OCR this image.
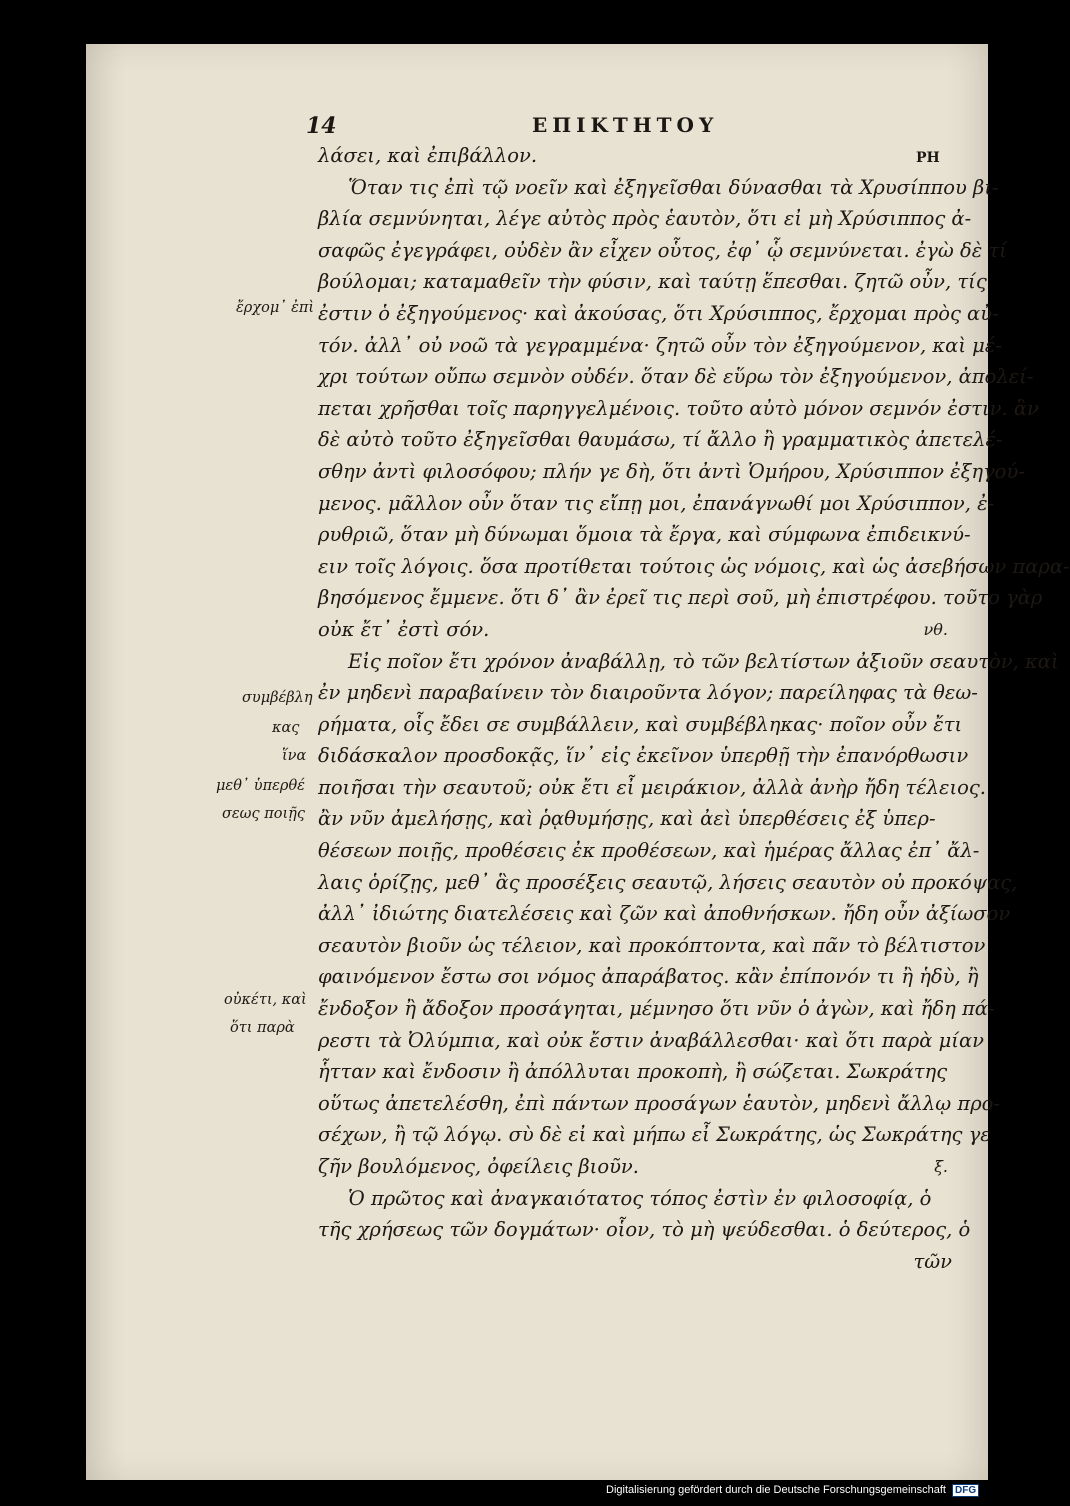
14	ΕΠΙΚΤΗΤΟΥ
ΡΗ
λάσει, καὶ ἐπιβάλλον.
Ὅταν τις ἐπὶ τῷ νοεῖν καὶ ἐξηγεῖσθαι δύνασθαι τὰ Χρυσίππου βι-
βλία σεμνύνηται, λέγε αὐτὸς πρὸς ἑαυτὸν, ὅτι εἰ μὴ Χρύσιππος ἀ-
σαφῶς ἐγεγράφει, οὐδὲν ἂν εἶχεν οὗτος, ἐφ᾽ ᾧ σεμνύνεται. ἐγὼ δὲ τί
βούλομαι; καταμαθεῖν τὴν φύσιν, καὶ ταύτῃ ἕπεσθαι. ζητῶ οὖν, τίς
ἐστιν ὁ ἐξηγούμενος· καὶ ἀκούσας, ὅτι Χρύσιππος, ἔρχομαι πρὸς αὐ-
τόν. ἀλλ᾽ οὐ νοῶ τὰ γεγραμμένα· ζητῶ οὖν τὸν ἐξηγούμενον, καὶ μέ-
χρι τούτων οὔπω σεμνὸν οὐδέν. ὅταν δὲ εὕρω τὸν ἐξηγούμενον, ἀπολεί-
πεται χρῆσθαι τοῖς παρηγγελμένοις. τοῦτο αὐτὸ μόνον σεμνόν ἐστιν. ἂν
δὲ αὐτὸ τοῦτο ἐξηγεῖσθαι θαυμάσω, τί ἄλλο ἢ γραμματικὸς ἀπετελέ-
σθην ἀντὶ φιλοσόφου; πλήν γε δὴ, ὅτι ἀντὶ Ὁμήρου, Χρύσιππον ἐξηγού-
μενος. μᾶλλον οὖν ὅταν τις εἴπῃ μοι, ἐπανάγνωθί μοι Χρύσιππον, ἐ-
ρυθριῶ, ὅταν μὴ δύνωμαι ὅμοια τὰ ἔργα, καὶ σύμφωνα ἐπιδεικνύ-
ειν τοῖς λόγοις. ὅσα προτίθεται τούτοις ὡς νόμοις, καὶ ὡς ἀσεβήσων παρα-
βησόμενος ἔμμενε. ὅτι δ᾽ ἂν ἐρεῖ τις περὶ σοῦ, μὴ ἐπιστρέφου. τοῦτο γὰρ
νθ.
οὐκ ἔτ᾽ ἐστὶ σόν.
Εἰς ποῖον ἔτι χρόνον ἀναβάλλῃ, τὸ τῶν βελτίστων ἀξιοῦν σεαυτὸν, καὶ
ἐν μηδενὶ παραβαίνειν τὸν διαιροῦντα λόγον; παρείληφας τὰ θεω-
ρήματα, οἷς ἔδει σε συμβάλλειν, καὶ συμβέβληκας· ποῖον οὖν ἔτι
διδάσκαλον προσδοκᾷς, ἵν᾽ εἰς ἐκεῖνον ὑπερθῇ τὴν ἐπανόρθωσιν
ποιῆσαι τὴν σεαυτοῦ; οὐκ ἔτι εἶ μειράκιον, ἀλλὰ ἀνὴρ ἤδη τέλειος.
ἂν νῦν ἀμελήσῃς, καὶ ῥᾳθυμήσῃς, καὶ ἀεὶ ὑπερθέσεις ἐξ ὑπερ-
θέσεων ποιῇς, προθέσεις ἐκ προθέσεων, καὶ ἡμέρας ἄλλας ἐπ᾽ ἄλ-
λαις ὁρίζῃς, μεθ᾽ ἃς προσέξεις σεαυτῷ, λήσεις σεαυτὸν οὐ προκόψας,
ἀλλ᾽ ἰδιώτης διατελέσεις καὶ ζῶν καὶ ἀποθνήσκων. ἤδη οὖν ἀξίωσον
σεαυτὸν βιοῦν ὡς τέλειον, καὶ προκόπτοντα, καὶ πᾶν τὸ βέλτιστον
φαινόμενον ἔστω σοι νόμος ἀπαράβατος. κἂν ἐπίπονόν τι ἢ ἡδὺ, ἢ
ἔνδοξον ἢ ἄδοξον προσάγηται, μέμνησο ὅτι νῦν ὁ ἀγὼν, καὶ ἤδη πά-
ρεστι τὰ Ὀλύμπια, καὶ οὐκ ἔστιν ἀναβάλλεσθαι· καὶ ὅτι παρὰ μίαν
ἧτταν καὶ ἔνδοσιν ἢ ἀπόλλυται προκοπὴ, ἢ σώζεται. Σωκράτης
οὕτως ἀπετελέσθη, ἐπὶ πάντων προσάγων ἑαυτὸν, μηδενὶ ἄλλῳ προ-
σέχων, ἢ τῷ λόγῳ. σὺ δὲ εἰ καὶ μήπω εἶ Σωκράτης, ὡς Σωκράτης γε
ξ.
ζῆν βουλόμενος, ὀφείλεις βιοῦν.
Ὁ πρῶτος καὶ ἀναγκαιότατος τόπος ἐστὶν ἐν φιλοσοφίᾳ, ὁ
τῆς χρήσεως τῶν δογμάτων· οἷον, τὸ μὴ ψεύδεσθαι. ὁ δεύτερος, ὁ
τῶν
ἔρχομ᾽ ἐπὶ
συμβέβλη
κας
ἵνα
μεθ᾽ ὑπερθέ
σεως ποιῇς
οὐκέτι, καὶ
ὅτι παρὰ
Digitalisierung gefördert durch die Deutsche Forschungsgemeinschaft DFG
